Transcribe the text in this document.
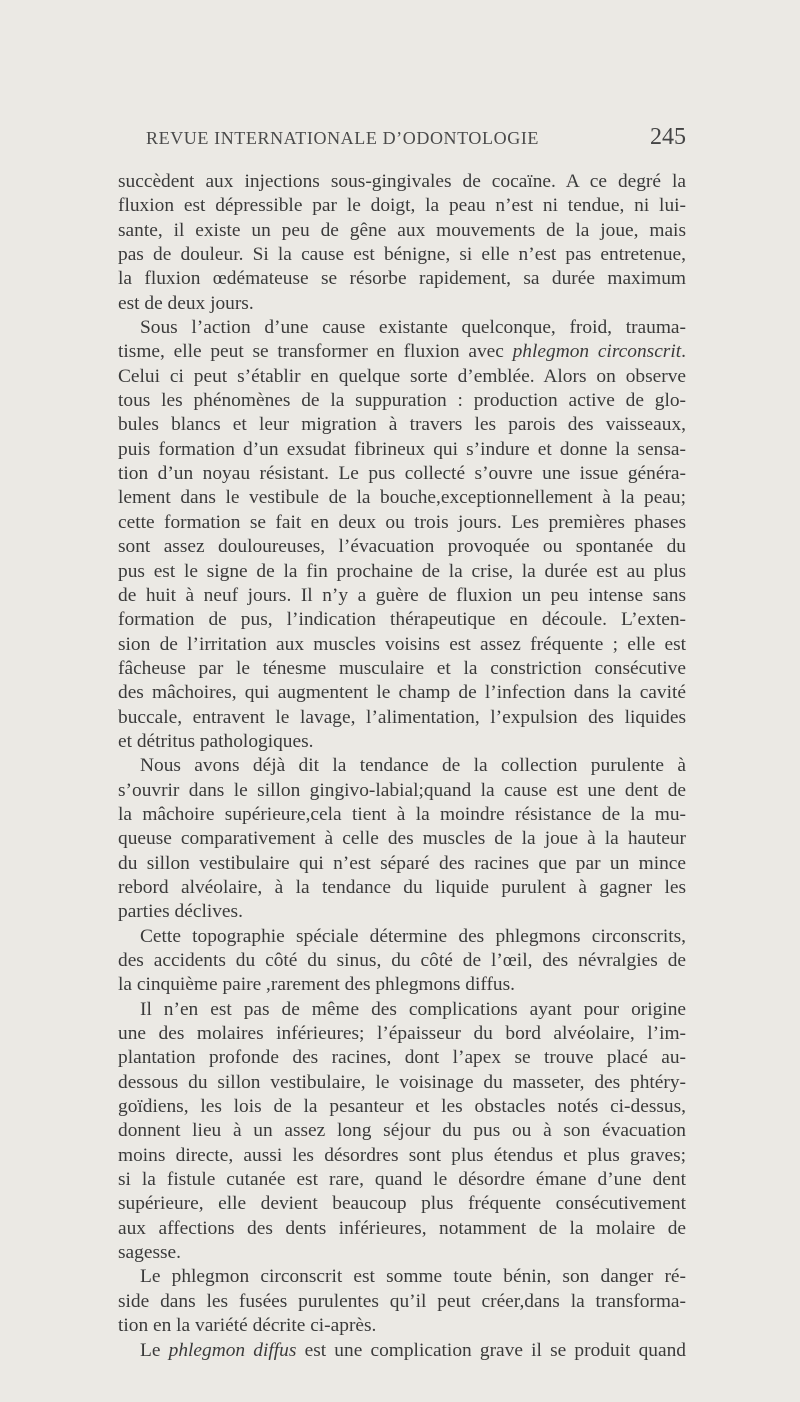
REVUE INTERNATIONALE D’ODONTOLOGIE	245
succèdent aux injections sous-gingivales de cocaïne. A ce degré la
fluxion est dépressible par le doigt, la peau n’est ni tendue, ni lui-
sante, il existe un peu de gêne aux mouvements de la joue, mais
pas de douleur. Si la cause est bénigne, si elle n’est pas entretenue,
la fluxion œdémateuse se résorbe rapidement, sa durée maximum
est de deux jours.
Sous l’action d’une cause existante quelconque, froid, trauma-
tisme, elle peut se transformer en fluxion avec phlegmon circonscrit.
Celui ci peut s’établir en quelque sorte d’emblée. Alors on observe
tous les phénomènes de la suppuration : production active de glo-
bules blancs et leur migration à travers les parois des vaisseaux,
puis formation d’un exsudat fibrineux qui s’indure et donne la sensa-
tion d’un noyau résistant. Le pus collecté s’ouvre une issue généra-
lement dans le vestibule de la bouche,exceptionnellement à la peau;
cette formation se fait en deux ou trois jours. Les premières phases
sont assez douloureuses, l’évacuation provoquée ou spontanée du
pus est le signe de la fin prochaine de la crise, la durée est au plus
de huit à neuf jours. Il n’y a guère de fluxion un peu intense sans
formation de pus, l’indication thérapeutique en découle. L’exten-
sion de l’irritation aux muscles voisins est assez fréquente ; elle est
fâcheuse par le ténesme musculaire et la constriction consécutive
des mâchoires, qui augmentent le champ de l’infection dans la cavité
buccale, entravent le lavage, l’alimentation, l’expulsion des liquides
et détritus pathologiques.
Nous avons déjà dit la tendance de la collection purulente à
s’ouvrir dans le sillon gingivo-labial;quand la cause est une dent de
la mâchoire supérieure,cela tient à la moindre résistance de la mu-
queuse comparativement à celle des muscles de la joue à la hauteur
du sillon vestibulaire qui n’est séparé des racines que par un mince
rebord alvéolaire, à la tendance du liquide purulent à gagner les
parties déclives.
Cette topographie spéciale détermine des phlegmons circonscrits,
des accidents du côté du sinus, du côté de l’œil, des névralgies de
la cinquième paire ,rarement des phlegmons diffus.
Il n’en est pas de même des complications ayant pour origine
une des molaires inférieures; l’épaisseur du bord alvéolaire, l’im-
plantation profonde des racines, dont l’apex se trouve placé au-
dessous du sillon vestibulaire, le voisinage du masseter, des phtéry-
goïdiens, les lois de la pesanteur et les obstacles notés ci-dessus,
donnent lieu à un assez long séjour du pus ou à son évacuation
moins directe, aussi les désordres sont plus étendus et plus graves;
si la fistule cutanée est rare, quand le désordre émane d’une dent
supérieure, elle devient beaucoup plus fréquente consécutivement
aux affections des dents inférieures, notamment de la molaire de
sagesse.
Le phlegmon circonscrit est somme toute bénin, son danger ré-
side dans les fusées purulentes qu’il peut créer,dans la transforma-
tion en la variété décrite ci-après.
Le phlegmon diffus est une complication grave il se produit quand
